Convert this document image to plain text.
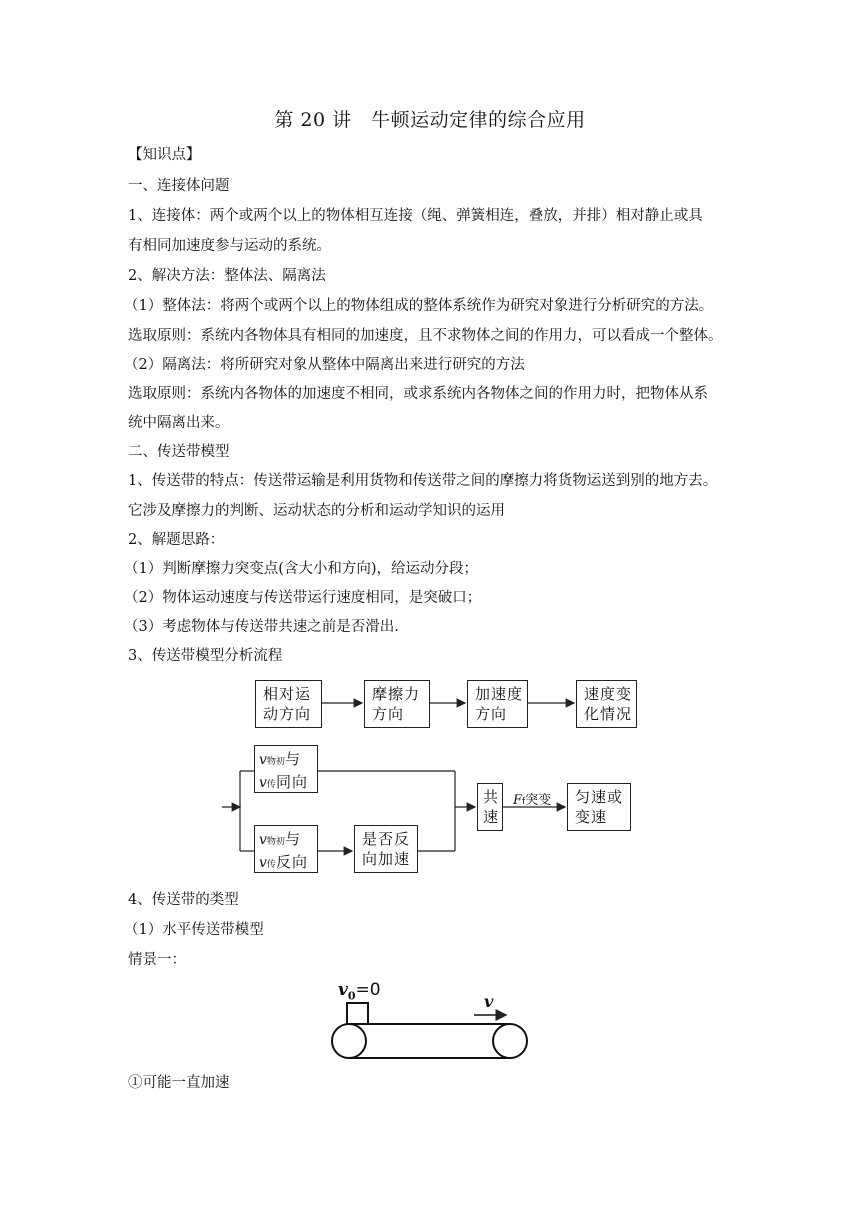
第 20 讲　牛顿运动定律的综合应用
【知识点】
一、连接体问题
1、连接体：两个或两个以上的物体相互连接（绳、弹簧相连，叠放，并排）相对静止或具
有相同加速度参与运动的系统。
2、解决方法：整体法、隔离法
（1）整体法：将两个或两个以上的物体组成的整体系统作为研究对象进行分析研究的方法。
选取原则：系统内各物体具有相同的加速度，且不求物体之间的作用力，可以看成一个整体。
（2）隔离法：将所研究对象从整体中隔离出来进行研究的方法
选取原则：系统内各物体的加速度不相同，或求系统内各物体之间的作用力时，把物体从系
统中隔离出来。
二、传送带模型
1、传送带的特点：传送带运输是利用货物和传送带之间的摩擦力将货物运送到别的地方去。
它涉及摩擦力的判断、运动状态的分析和运动学知识的运用
2、解题思路：
（1）判断摩擦力突变点(含大小和方向)，给运动分段；
（2）物体运动速度与传送带运行速度相同，是突破口；
（3）考虑物体与传送带共速之前是否滑出.
3、传送带模型分析流程
相对运
动方向
摩擦力
方向
加速度
方向
速度变
化情况
v物初与
v传同向
v物初与
v传反向
是否反
向加速
共
速
Ff突变 匀速或
变速
4、传送带的类型
（1）水平传送带模型
情景一：
$v_0=0$
v
①可能一直加速
